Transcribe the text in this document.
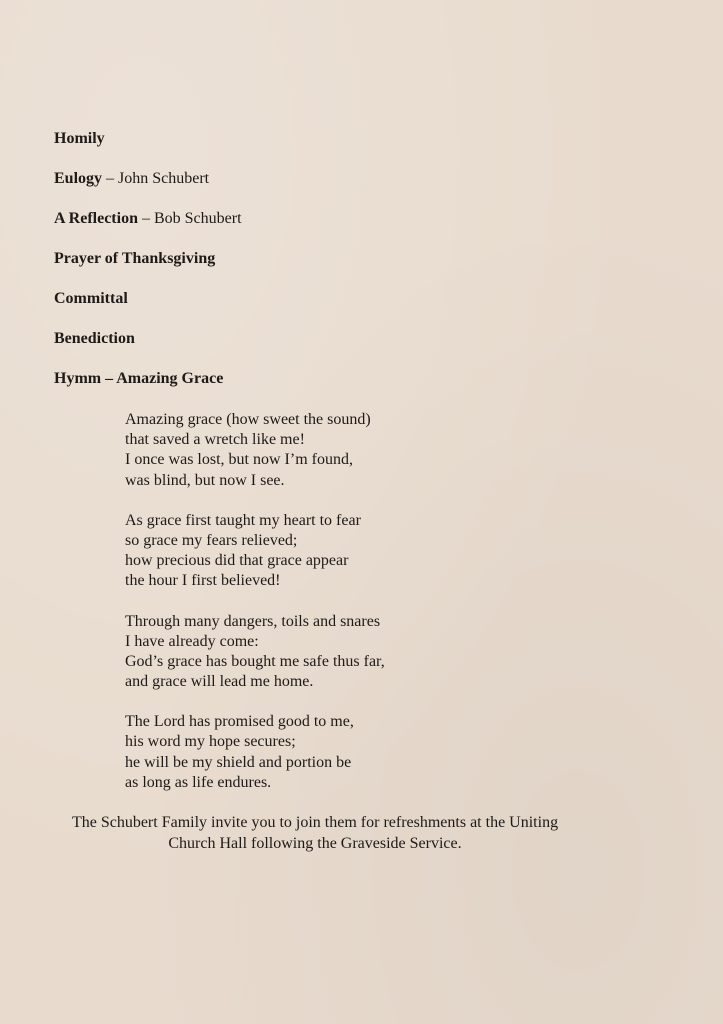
Homily
Eulogy – John Schubert
A Reflection – Bob Schubert
Prayer of Thanksgiving
Committal
Benediction
Hymm – Amazing Grace
Amazing grace (how sweet the sound)
that saved a wretch like me!
I once was lost, but now I’m found,
was blind, but now I see.
As grace first taught my heart to fear
so grace my fears relieved;
how precious did that grace appear
the hour I first believed!
Through many dangers, toils and snares
I have already come:
God’s grace has bought me safe thus far,
and grace will lead me home.
The Lord has promised good to me,
his word my hope secures;
he will be my shield and portion be
as long as life endures.
The Schubert Family invite you to join them for refreshments at the Uniting
Church Hall following the Graveside Service.
